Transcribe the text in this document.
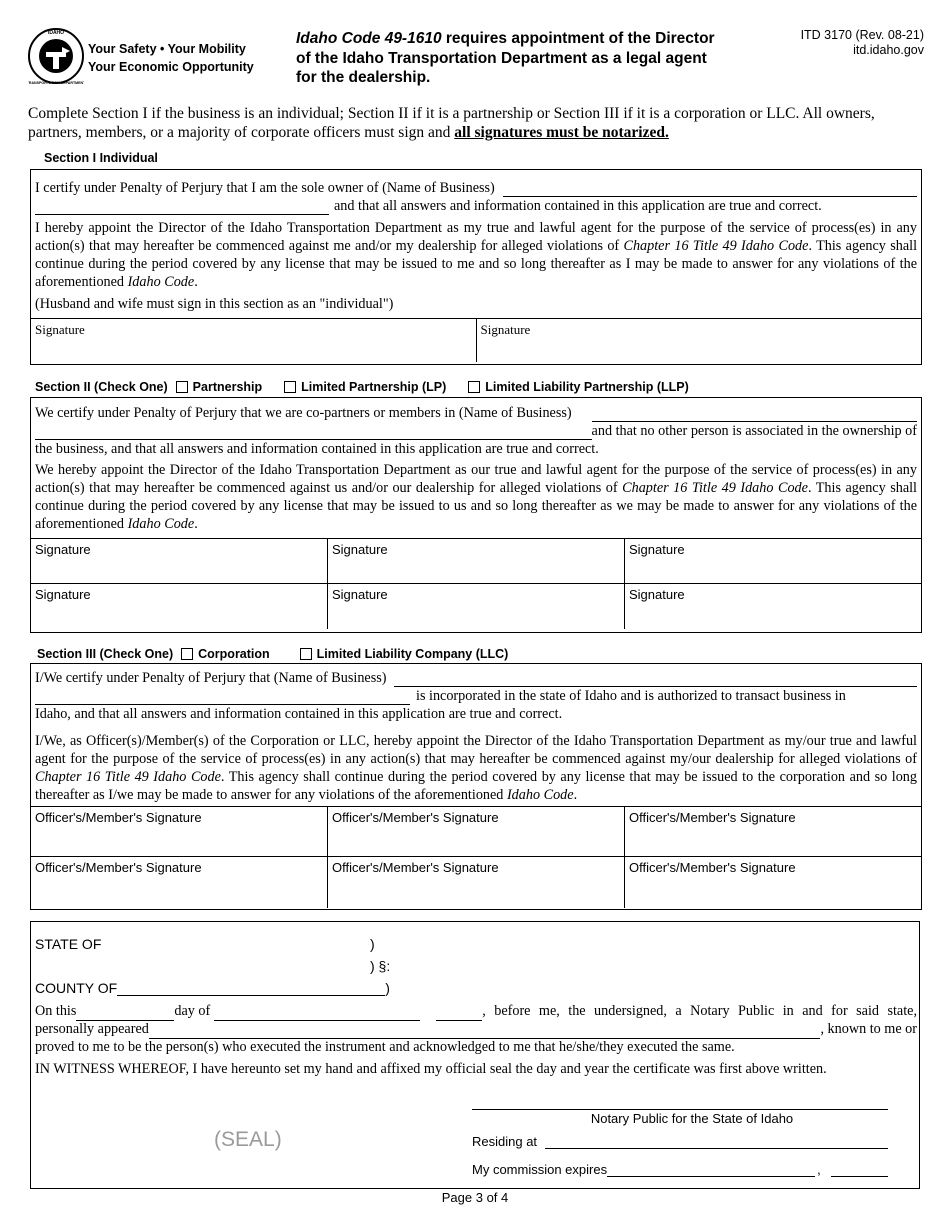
IDAHO
TRANSPORTATION DEPARTMENT
Your Safety • Your Mobility
Your Economic Opportunity
Idaho Code 49-1610 requires appointment of the Director of the Idaho Transportation Department as a legal agent for the dealership.
ITD 3170 (Rev. 08-21)
itd.idaho.gov
Complete Section I if the business is an individual; Section II if it is a partnership or Section III if it is a corporation or LLC. All owners, partners, members, or a majority of corporate officers must sign and all signatures must be notarized.
Section I Individual
I certify under Penalty of Perjury that I am the sole owner of (Name of Business)
and that all answers and information contained in this application are true and correct.
I hereby appoint the Director of the Idaho Transportation Department as my true and lawful agent for the purpose of the service of process(es) in any action(s) that may hereafter be commenced against me and/or my dealership for alleged violations of Chapter 16 Title 49 Idaho Code. This agency shall continue during the period covered by any license that may be issued to me and so long thereafter as I may be made to answer for any violations of the aforementioned Idaho Code.
(Husband and wife must sign in this section as an "individual")
Signature	Signature
Section II (Check One) Partnership	Limited Partnership (LP)	Limited Liability Partnership (LLP)
We certify under Penalty of Perjury that we are co-partners or members in (Name of Business)
and that no other person is associated in the ownership of
the business, and that all answers and information contained in this application are true and correct.
We hereby appoint the Director of the Idaho Transportation Department as our true and lawful agent for the purpose of the service of process(es) in any action(s) that may hereafter be commenced against us and/or our dealership for alleged violations of Chapter 16 Title 49 Idaho Code. This agency shall continue during the period covered by any license that may be issued to us and so long thereafter as we may be made to answer for any violations of the aforementioned Idaho Code.
Signature	Signature	Signature
Signature	Signature	Signature
Section III (Check One) Corporation	Limited Liability Company (LLC)
I/We certify under Penalty of Perjury that (Name of Business)
is incorporated in the state of Idaho and is authorized to transact business in
Idaho, and that all answers and information contained in this application are true and correct.
I/We, as Officer(s)/Member(s) of the Corporation or LLC, hereby appoint the Director of the Idaho Transportation Department as my/our true and lawful agent for the purpose of the service of process(es) in any action(s) that may hereafter be commenced against my/our dealership for alleged violations of Chapter 16 Title 49 Idaho Code. This agency shall continue during the period covered by any license that may be issued to the corporation and so long thereafter as I/we may be made to answer for any violations of the aforementioned Idaho Code.
Officer's/Member's Signature	Officer's/Member's Signature	Officer's/Member's Signature
Officer's/Member's Signature	Officer's/Member's Signature	Officer's/Member's Signature
STATE OF	)
) §:
COUNTY OF	)
On this	day of	, before me, the undersigned, a Notary Public in and for said state,
personally appeared	, known to me or
proved to me to be the person(s) who executed the instrument and acknowledged to me that he/she/they executed the same.
IN WITNESS WHEREOF, I have hereunto set my hand and affixed my official seal the day and year the certificate was first above written.
Notary Public for the State of Idaho
Residing at
My commission expires	,
(SEAL)
Page 3 of 4
